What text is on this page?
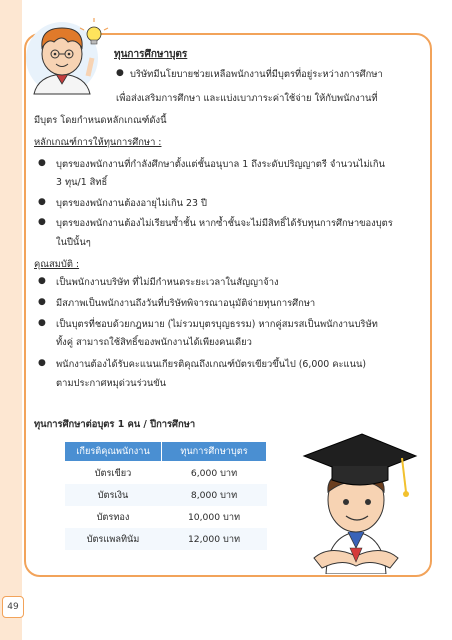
ทุนการศึกษาบุตร
● บริษัทมีนโยบายช่วยเหลือพนักงานที่มีบุตรที่อยู่ระหว่างการศึกษา
เพื่อส่งเสริมการศึกษา และแบ่งเบาภาระค่าใช้จ่าย ให้กับพนักงานที่
มีบุตร โดยกำหนดหลักเกณฑ์ดังนี้
หลักเกณฑ์การให้ทุนการศึกษา :
● บุตรของพนักงานที่กำลังศึกษาตั้งแต่ชั้นอนุบาล 1 ถึงระดับปริญญาตรี จำนวนไม่เกิน
3 ทุน/1 สิทธิ์
● บุตรของพนักงานต้องอายุไม่เกิน 23 ปี
● บุตรของพนักงานต้องไม่เรียนซ้ำชั้น หากซ้ำชั้นจะไม่มีสิทธิ์ได้รับทุนการศึกษาของบุตร
ในปีนั้นๆ
คุณสมบัติ :
● เป็นพนักงานบริษัท ที่ไม่มีกำหนดระยะเวลาในสัญญาจ้าง
● มีสภาพเป็นพนักงานถึงวันที่บริษัทพิจารณาอนุมัติจ่ายทุนการศึกษา
● เป็นบุตรที่ชอบด้วยกฎหมาย (ไม่รวมบุตรบุญธรรม) หากคู่สมรสเป็นพนักงานบริษัท
ทั้งคู่ สามารถใช้สิทธิ์ของพนักงานได้เพียงคนเดียว
● พนักงานต้องได้รับคะแนนเกียรติคุณถึงเกณฑ์บัตรเขียวขึ้นไป (6,000 คะแนน)
ตามประกาศหมุด่วนร่วนขัน
ทุนการศึกษาต่อบุตร 1 คน / ปีการศึกษา
เกียรติคุณพนักงาน	ทุนการศึกษาบุตร
บัตรเขียว	6,000 บาท
บัตรเงิน	8,000 บาท
บัตรทอง	10,000 บาท
บัตรแพลทินัม	12,000 บาท
49
